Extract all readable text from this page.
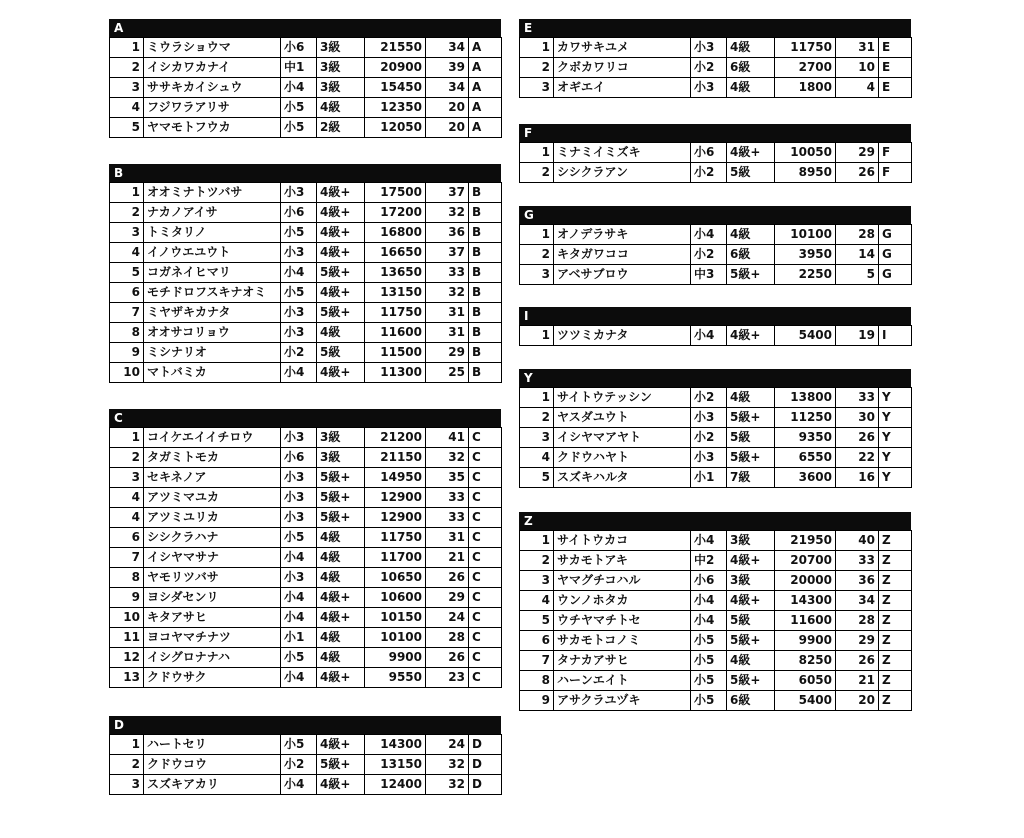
A
1	ミウラショウマ	小6	3級	21550	34	A
2	イシカワカナイ	中1	3級	20900	39	A
3	ササキカイシュウ	小4	3級	15450	34	A
4	フジワラアリサ	小5	4級	12350	20	A
5	ヤマモトフウカ	小5	2級	12050	20	A
B
1	オオミナトツバサ	小3	4級+	17500	37	B
2	ナカノアイサ	小6	4級+	17200	32	B
3	トミタリノ	小5	4級+	16800	36	B
4	イノウエユウト	小3	4級+	16650	37	B
5	コガネイヒマリ	小4	5級+	13650	33	B
6	モチドロフスキナオミ	小5	4級+	13150	32	B
7	ミヤザキカナタ	小3	5級+	11750	31	B
8	オオサコリョウ	小3	4級	11600	31	B
9	ミシナリオ	小2	5級	11500	29	B
10	マトバミカ	小4	4級+	11300	25	B
C
1	コイケエイイチロウ	小3	3級	21200	41	C
2	タガミトモカ	小6	3級	21150	32	C
3	セキネノア	小3	5級+	14950	35	C
4	アツミマユカ	小3	5級+	12900	33	C
4	アツミユリカ	小3	5級+	12900	33	C
6	シシクラハナ	小5	4級	11750	31	C
7	イシヤマサナ	小4	4級	11700	21	C
8	ヤモリツバサ	小3	4級	10650	26	C
9	ヨシダセンリ	小4	4級+	10600	29	C
10	キタアサヒ	小4	4級+	10150	24	C
11	ヨコヤマチナツ	小1	4級	10100	28	C
12	イシグロナナハ	小5	4級	9900	26	C
13	クドウサク	小4	4級+	9550	23	C
D
1	ハートセリ	小5	4級+	14300	24	D
2	クドウコウ	小2	5級+	13150	32	D
3	スズキアカリ	小4	4級+	12400	32	D
E
1	カワサキユメ	小3	4級	11750	31	E
2	クボカワリコ	小2	6級	2700	10	E
3	オギエイ	小3	4級	1800	4	E
F
1	ミナミイミズキ	小6	4級+	10050	29	F
2	シシクラアン	小2	5級	8950	26	F
G
1	オノデラサキ	小4	4級	10100	28	G
2	キタガワココ	小2	6級	3950	14	G
3	アベサブロウ	中3	5級+	2250	5	G
I
1	ツツミカナタ	小4	4級+	5400	19	I
Y
1	サイトウテッシン	小2	4級	13800	33	Y
2	ヤスダユウト	小3	5級+	11250	30	Y
3	イシヤマアヤト	小2	5級	9350	26	Y
4	クドウハヤト	小3	5級+	6550	22	Y
5	スズキハルタ	小1	7級	3600	16	Y
Z
1	サイトウカコ	小4	3級	21950	40	Z
2	サカモトアキ	中2	4級+	20700	33	Z
3	ヤマグチコハル	小6	3級	20000	36	Z
4	ウンノホタカ	小4	4級+	14300	34	Z
5	ウチヤマチトセ	小4	5級	11600	28	Z
6	サカモトコノミ	小5	5級+	9900	29	Z
7	タナカアサヒ	小5	4級	8250	26	Z
8	ハーンエイト	小5	5級+	6050	21	Z
9	アサクラユヅキ	小5	6級	5400	20	Z
